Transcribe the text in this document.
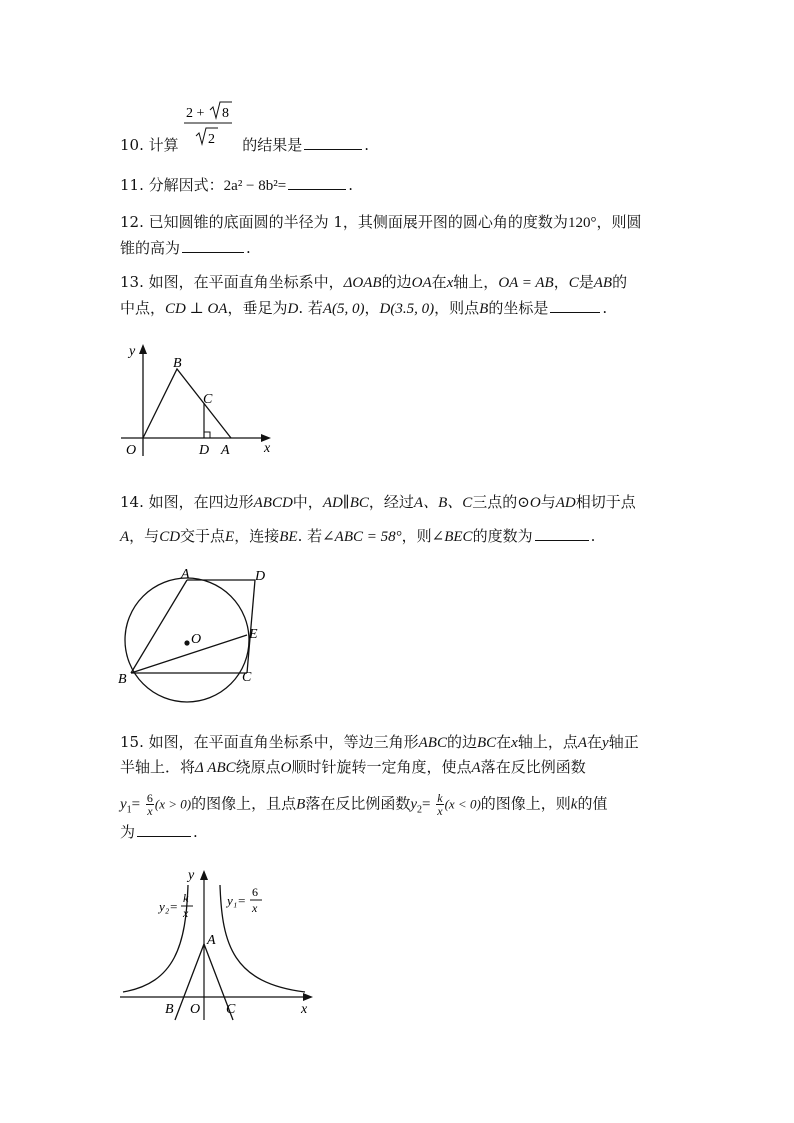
2 + 8
2
10. 计算	的结果是	.
11. 分解因式：2a² − 8b²=	.
12. 已知圆锥的底面圆的半径为 1，其侧面展开图的圆心角的度数为120°，则圆
锥的高为	.
13. 如图，在平面直角坐标系中，ΔOAB的边OA在x轴上，OA = AB，C是AB的
中点，CD ⊥ OA，垂足为D. 若A(5, 0)，D(3.5, 0)，则点B的坐标是	.
y
x
O
B
C
D A
14. 如图，在四边形ABCD中，AD∥BC，经过A、B、C三点的⊙O与AD相切于点
A，与CD交于点E，连接BE. 若∠ABC = 58°，则∠BEC的度数为	.
A	D
O	E
B	C
15. 如图，在平面直角坐标系中，等边三角形ABC的边BC在x轴上，点A在y轴正
半轴上．将Δ ABC绕原点O顺时针旋转一定角度，使点A落在反比例函数
$y_1= \frac{6}{x} (x > 0)$的图像上，且点B落在反比例函数$y_2= \frac{k}{x} (x < 0)$的图像上，则k的值
为	.
y
x
y₂=
k
x
y₁=
6
x
A
B O C
